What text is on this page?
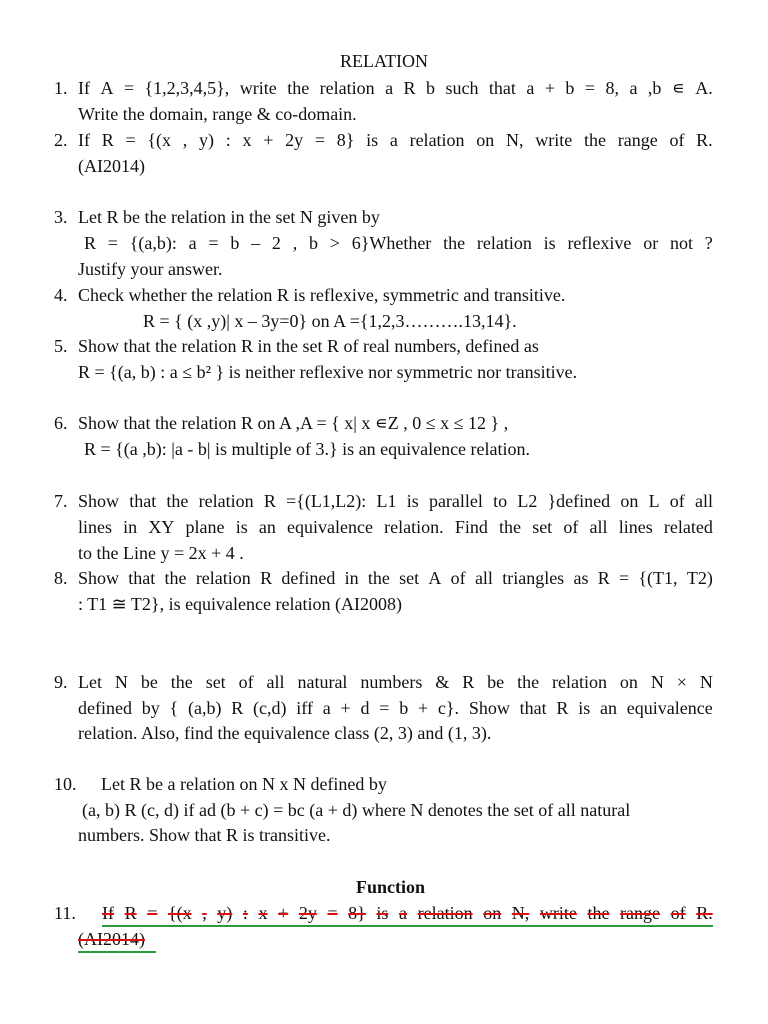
RELATION
1. If A = {1,2,3,4,5}, write the relation a R b such that a + b = 8, a ,b ∊ A.
Write the domain, range & co-domain.
2. If R = {(x , y) : x + 2y = 8} is a relation on N, write the range of R.
(AI2014)
3. Let R be the relation in the set N given by
R = {(a,b): a = b – 2 , b > 6}Whether the relation is reflexive or not ?
Justify your answer.
4. Check whether the relation R is reflexive, symmetric and transitive.
R = { (x ,y)| x – 3y=0} on A ={1,2,3……….13,14}.
5. Show that the relation R in the set R of real numbers, defined as
R = {(a, b) : a ≤ b² } is neither reflexive nor symmetric nor transitive.
6. Show that the relation R on A ,A = { x| x ∊Z , 0 ≤ x ≤ 12 } ,
R = {(a ,b): |a - b| is multiple of 3.} is an equivalence relation.
7. Show that the relation R ={(L1,L2): L1 is parallel to L2 }defined on L of all
lines in XY plane is an equivalence relation. Find the set of all lines related
to the Line y = 2x + 4 .
8. Show that the relation R defined in the set A of all triangles as R = {(T1, T2)
: T1 ≅ T2}, is equivalence relation (AI2008)
9. Let N be the set of all natural numbers & R be the relation on N × N
defined by { (a,b) R (c,d) iff a + d = b + c}. Show that R is an equivalence
relation. Also, find the equivalence class (2, 3) and (1, 3).
10. Let R be a relation on N x N defined by
(a, b) R (c, d) if ad (b + c) = bc (a + d) where N denotes the set of all natural
numbers. Show that R is transitive.
Function
11. If R = {(x , y) : x + 2y = 8} is a relation on N, write the range of R.
(AI2014)
